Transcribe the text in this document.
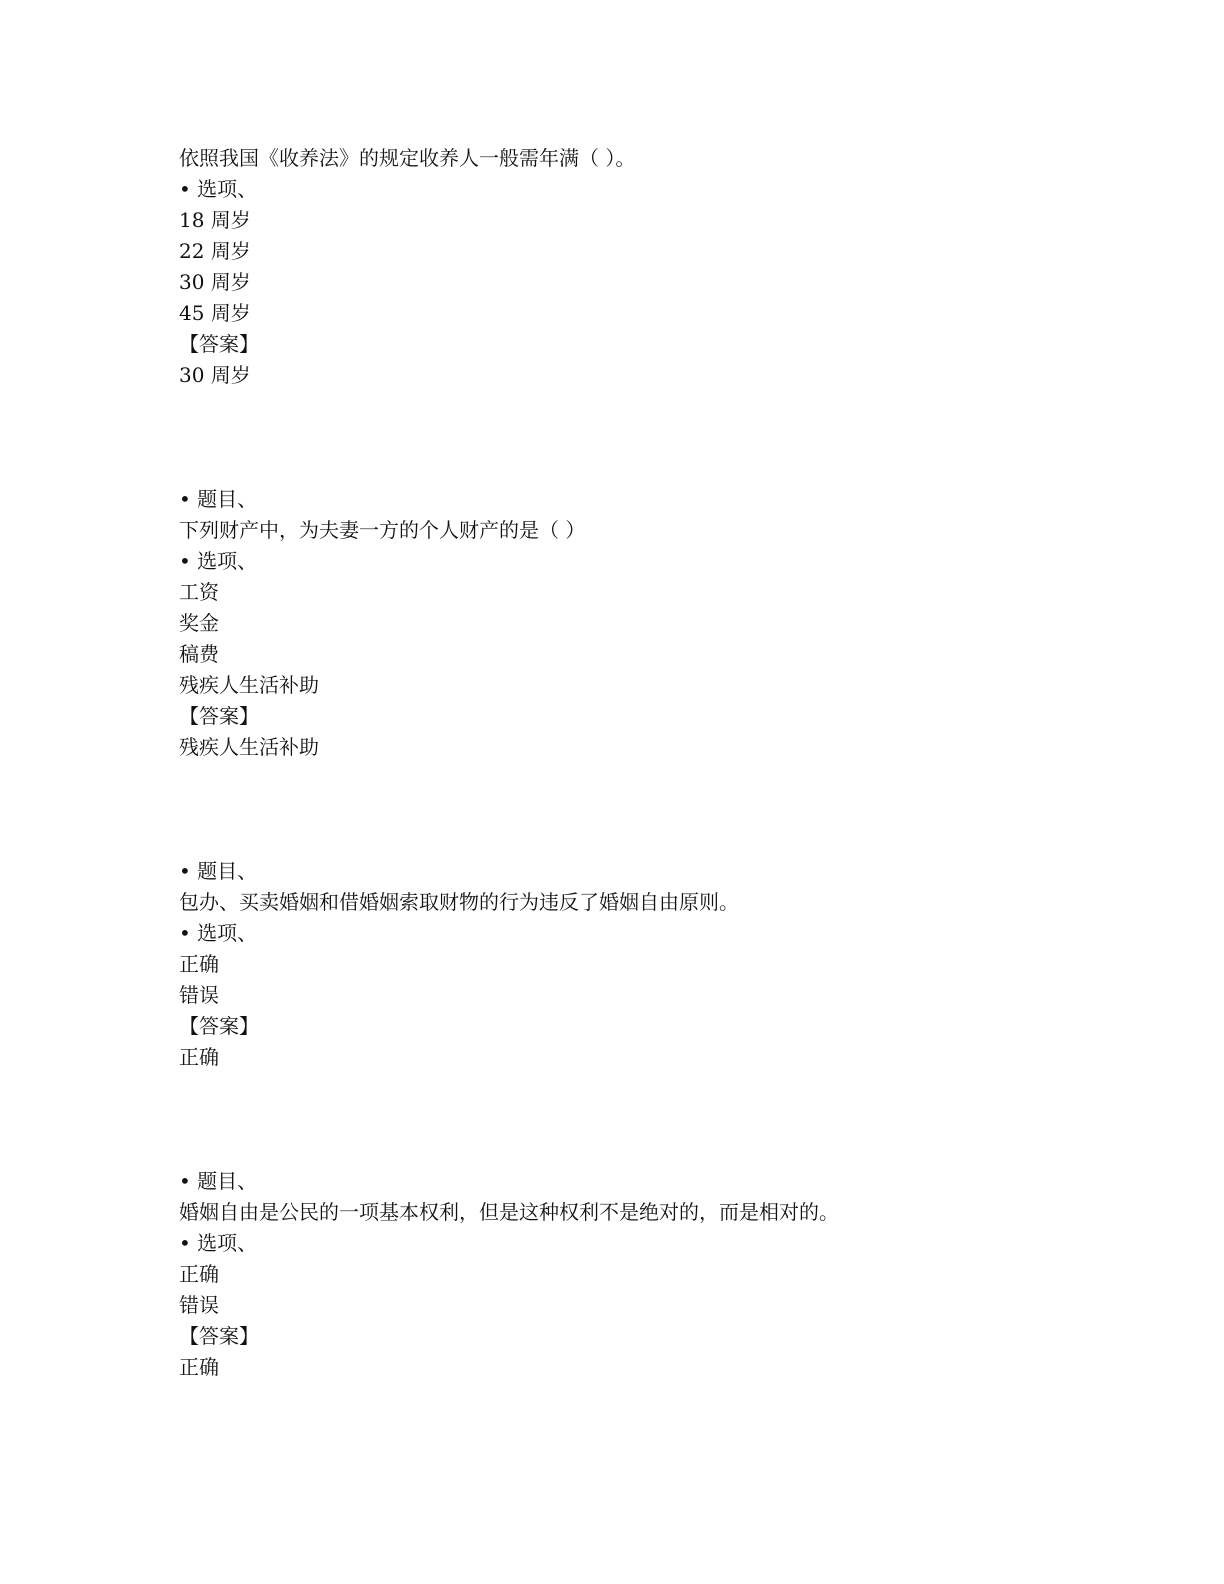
依照我国《收养法》的规定收养人一般需年满（ ）。

• 选项、

18 周岁

22 周岁

30 周岁

45 周岁

【答案】

30 周岁

• 题目、

下列财产中，为夫妻一方的个人财产的是（ ）

• 选项、

工资

奖金

稿费

残疾人生活补助

【答案】

残疾人生活补助

• 题目、

包办、买卖婚姻和借婚姻索取财物的行为违反了婚姻自由原则。

• 选项、

正确

错误

【答案】

正确

• 题目、

婚姻自由是公民的一项基本权利，但是这种权利不是绝对的，而是相对的。

• 选项、

正确

错误

【答案】

正确
